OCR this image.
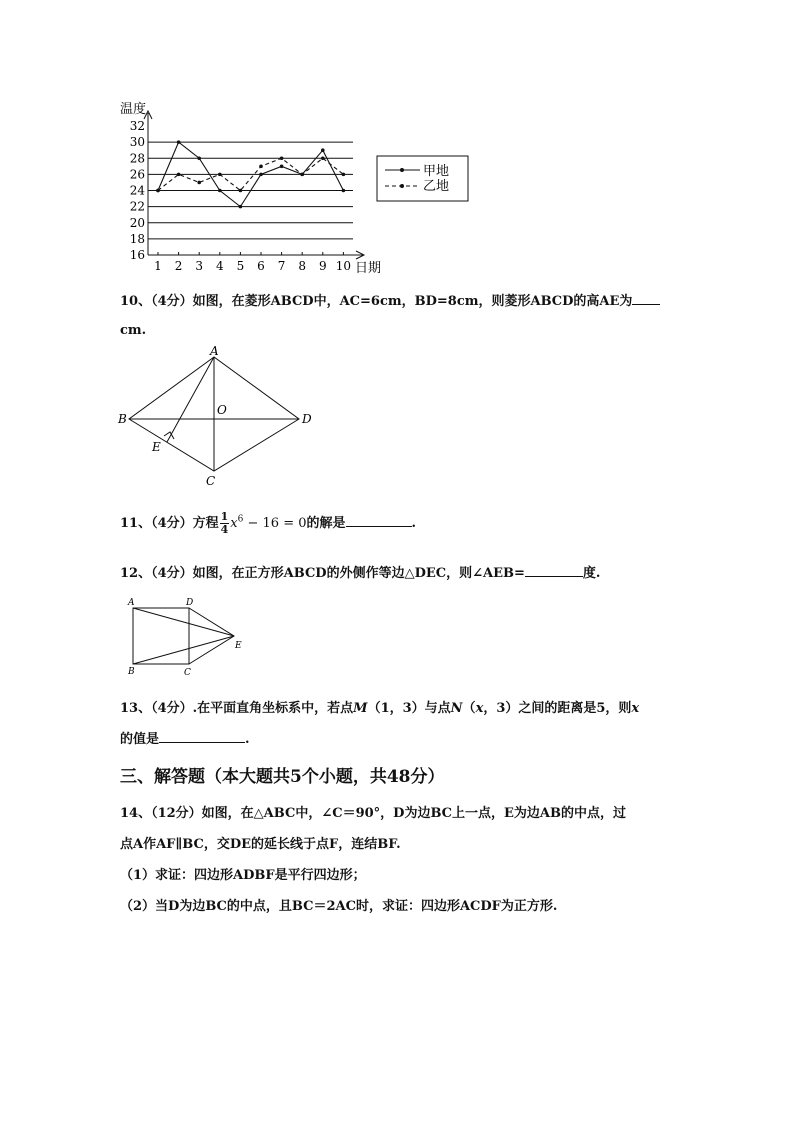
16
18
20
22
24
26
28
30
32
1 2 3 4 5 6 7 8 9 10
温度
日期
甲地
乙地
10、（4分）如图，在菱形ABCD中，AC=6cm，BD=8cm，则菱形ABCD的高AE为
cm.
A
B
C
D
O
E
11、（4分）方程 $\frac{1}{4} x^6 - 16 = 0$的解是	.
12、（4分）如图，在正方形ABCD的外侧作等边△DEC，则∠AEB=	度.
A	D
E
B	C
13、（4分）.在平面直角坐标系中，若点M（1，3）与点N（x，3）之间的距离是5，则x
的值是	.
三、解答题（本大题共5个小题，共48分）
14、（12分）如图，在△ABC中，∠C＝90°，D为边BC上一点，E为边AB的中点，过
点A作AF∥BC，交DE的延长线于点F，连结BF.
（1）求证：四边形ADBF是平行四边形；
（2）当D为边BC的中点，且BC＝2AC时，求证：四边形ACDF为正方形.
